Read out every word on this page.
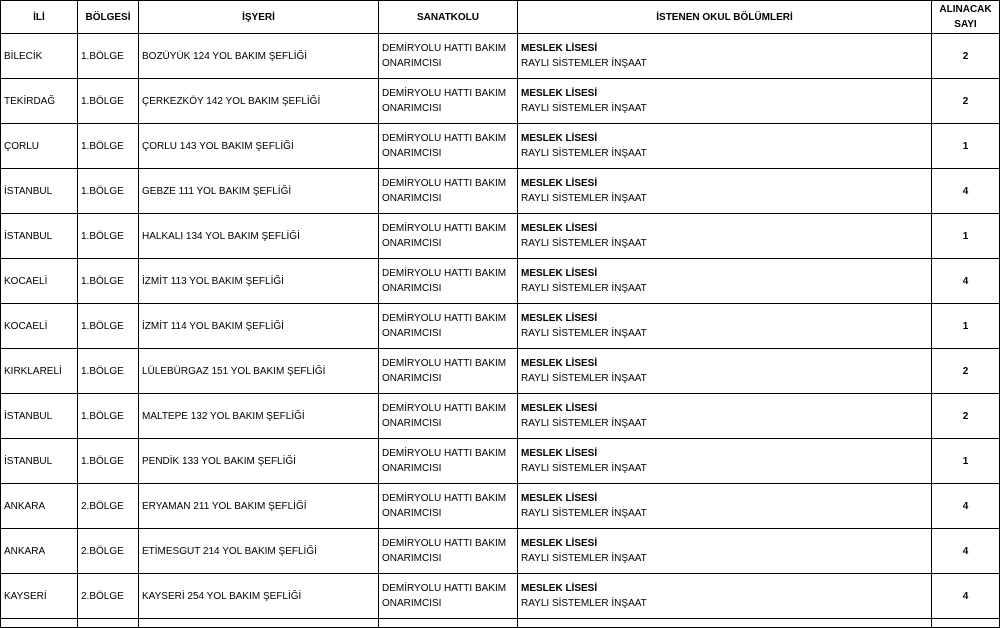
İLİ	BÖLGESİ	İŞYERİ	SANATKOLU	İSTENEN OKUL BÖLÜMLERİ	ALINACAK
SAYI

BİLECİK	1.BÖLGE	BOZÜYÜK 124 YOL BAKIM ŞEFLİĞİ	DEMİRYOLU HATTI BAKIM
ONARIMCISI	MESLEK LİSESİ
RAYLI SİSTEMLER İNŞAAT	2
TEKİRDAĞ	1.BÖLGE	ÇERKEZKÖY 142 YOL BAKIM ŞEFLİĞİ	DEMİRYOLU HATTI BAKIM
ONARIMCISI	MESLEK LİSESİ
RAYLI SİSTEMLER İNŞAAT	2
ÇORLU	1.BÖLGE	ÇORLU 143 YOL BAKIM ŞEFLİĞİ	DEMİRYOLU HATTI BAKIM
ONARIMCISI	MESLEK LİSESİ
RAYLI SİSTEMLER İNŞAAT	1
İSTANBUL	1.BÖLGE	GEBZE 111 YOL BAKIM ŞEFLİĞİ	DEMİRYOLU HATTI BAKIM
ONARIMCISI	MESLEK LİSESİ
RAYLI SİSTEMLER İNŞAAT	4
İSTANBUL	1.BÖLGE	HALKALI 134 YOL BAKIM ŞEFLİĞİ	DEMİRYOLU HATTI BAKIM
ONARIMCISI	MESLEK LİSESİ
RAYLI SİSTEMLER İNŞAAT	1
KOCAELİ	1.BÖLGE	İZMİT 113 YOL BAKIM ŞEFLİĞİ	DEMİRYOLU HATTI BAKIM
ONARIMCISI	MESLEK LİSESİ
RAYLI SİSTEMLER İNŞAAT	4
KOCAELİ	1.BÖLGE	İZMİT 114 YOL BAKIM ŞEFLİĞİ	DEMİRYOLU HATTI BAKIM
ONARIMCISI	MESLEK LİSESİ
RAYLI SİSTEMLER İNŞAAT	1
KIRKLARELİ	1.BÖLGE	LÜLEBÜRGAZ 151 YOL BAKIM ŞEFLİĞİ	DEMİRYOLU HATTI BAKIM
ONARIMCISI	MESLEK LİSESİ
RAYLI SİSTEMLER İNŞAAT	2
İSTANBUL	1.BÖLGE	MALTEPE 132 YOL BAKIM ŞEFLİĞİ	DEMİRYOLU HATTI BAKIM
ONARIMCISI	MESLEK LİSESİ
RAYLI SİSTEMLER İNŞAAT	2
İSTANBUL	1.BÖLGE	PENDİK 133 YOL BAKIM ŞEFLİĞİ	DEMİRYOLU HATTI BAKIM
ONARIMCISI	MESLEK LİSESİ
RAYLI SİSTEMLER İNŞAAT	1
ANKARA	2.BÖLGE	ERYAMAN 211 YOL BAKIM ŞEFLİĞİ	DEMİRYOLU HATTI BAKIM
ONARIMCISI	MESLEK LİSESİ
RAYLI SİSTEMLER İNŞAAT	4
ANKARA	2.BÖLGE	ETİMESGUT 214 YOL BAKIM ŞEFLİĞİ	DEMİRYOLU HATTI BAKIM
ONARIMCISI	MESLEK LİSESİ
RAYLI SİSTEMLER İNŞAAT	4
KAYSERİ	2.BÖLGE	KAYSERİ 254 YOL BAKIM ŞEFLİĞİ	DEMİRYOLU HATTI BAKIM
ONARIMCISI	MESLEK LİSESİ
RAYLI SİSTEMLER İNŞAAT	4
